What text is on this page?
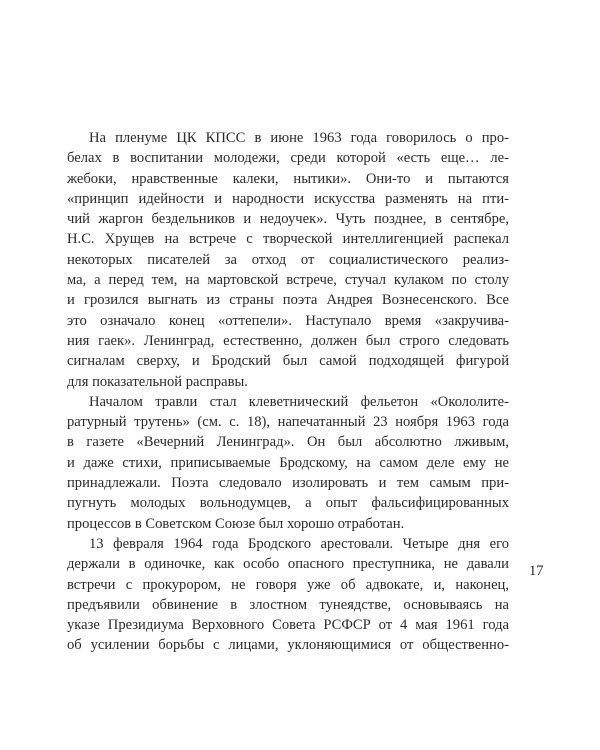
На пленуме ЦК КПСС в июне 1963 года говорилось о про-
белах в воспитании молодежи, среди которой «есть еще… ле-
жебоки, нравственные калеки, нытики». Они-то и пытаются
«принцип идейности и народности искусства разменять на пти-
чий жаргон бездельников и недоучек». Чуть позднее, в сентябре,
Н.С. Хрущев на встрече с творческой интеллигенцией распекал
некоторых писателей за отход от социалистического реализ-
ма, а перед тем, на мартовской встрече, стучал кулаком по столу
и грозился выгнать из страны поэта Андрея Вознесенского. Все
это означало конец «оттепели». Наступало время «закручива-
ния гаек». Ленинград, естественно, должен был строго следовать
сигналам сверху, и Бродский был самой подходящей фигурой
для показательной расправы.
Началом травли стал клеветнический фельетон «Окололите-
ратурный трутень» (см. с. 18), напечатанный 23 ноября 1963 года
в газете «Вечерний Ленинград». Он был абсолютно лживым,
и даже стихи, приписываемые Бродскому, на самом деле ему не
принадлежали. Поэта следовало изолировать и тем самым при-
пугнуть молодых вольнодумцев, а опыт фальсифицированных
процессов в Советском Союзе был хорошо отработан.
13 февраля 1964 года Бродского арестовали. Четыре дня его
держали в одиночке, как особо опасного преступника, не давали
встречи с прокурором, не говоря уже об адвокате, и, наконец,
предъявили обвинение в злостном тунеядстве, основываясь на
указе Президиума Верховного Совета РСФСР от 4 мая 1961 года
об усилении борьбы с лицами, уклоняющимися от общественно-
17
